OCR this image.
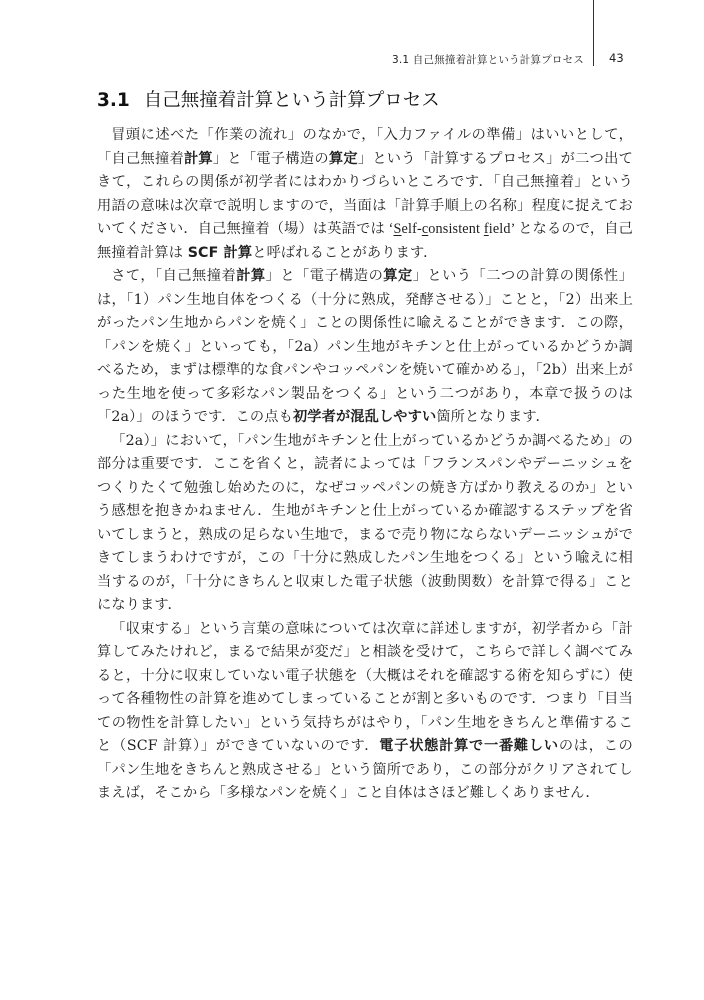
3.1 自己無撞着計算という計算プロセス 43
3.1 自己無撞着計算という計算プロセス

冒頭に述べた「作業の流れ」のなかで，「入力ファイルの準備」はいいとして，「自己無撞着計算」と「電子構造の算定」という「計算するプロセス」が二つ出てきて，これらの関係が初学者にはわかりづらいところです．「自己無撞着」という用語の意味は次章で説明しますので，当面は「計算手順上の名称」程度に捉えておいてください．自己無撞着（場）は英語では ‘Self-consistent field’ となるので，自己無撞着計算は SCF 計算と呼ばれることがあります．

さて，「自己無撞着計算」と「電子構造の算定」という「二つの計算の関係性」は，「1）パン生地自体をつくる（十分に熟成，発酵させる）」ことと，「2）出来上がったパン生地からパンを焼く」ことの関係性に喩えることができます．この際，「パンを焼く」といっても，「2a）パン生地がキチンと仕上がっているかどうか調べるため，まずは標準的な食パンやコッペパンを焼いて確かめる」，「2b）出来上がった生地を使って多彩なパン製品をつくる」という二つがあり，本章で扱うのは「2a）」のほうです．この点も初学者が混乱しやすい箇所となります．

「2a）」において，「パン生地がキチンと仕上がっているかどうか調べるため」の部分は重要です．ここを省くと，読者によっては「フランスパンやデーニッシュをつくりたくて勉強し始めたのに，なぜコッペパンの焼き方ばかり教えるのか」という感想を抱きかねません．生地がキチンと仕上がっているか確認するステップを省いてしまうと，熟成の足らない生地で，まるで売り物にならないデーニッシュができてしまうわけですが，この「十分に熟成したパン生地をつくる」という喩えに相当するのが，「十分にきちんと収束した電子状態（波動関数）を計算で得る」ことになります．

「収束する」という言葉の意味については次章に詳述しますが，初学者から「計算してみたけれど，まるで結果が変だ」と相談を受けて，こちらで詳しく調べてみると，十分に収束していない電子状態を（大概はそれを確認する術を知らずに）使って各種物性の計算を進めてしまっていることが割と多いものです．つまり「目当ての物性を計算したい」という気持ちがはやり，「パン生地をきちんと準備すること（SCF 計算）」ができていないのです．電子状態計算で一番難しいのは，この「パン生地をきちんと熟成させる」という箇所であり，この部分がクリアされてしまえば，そこから「多様なパンを焼く」こと自体はさほど難しくありません．
